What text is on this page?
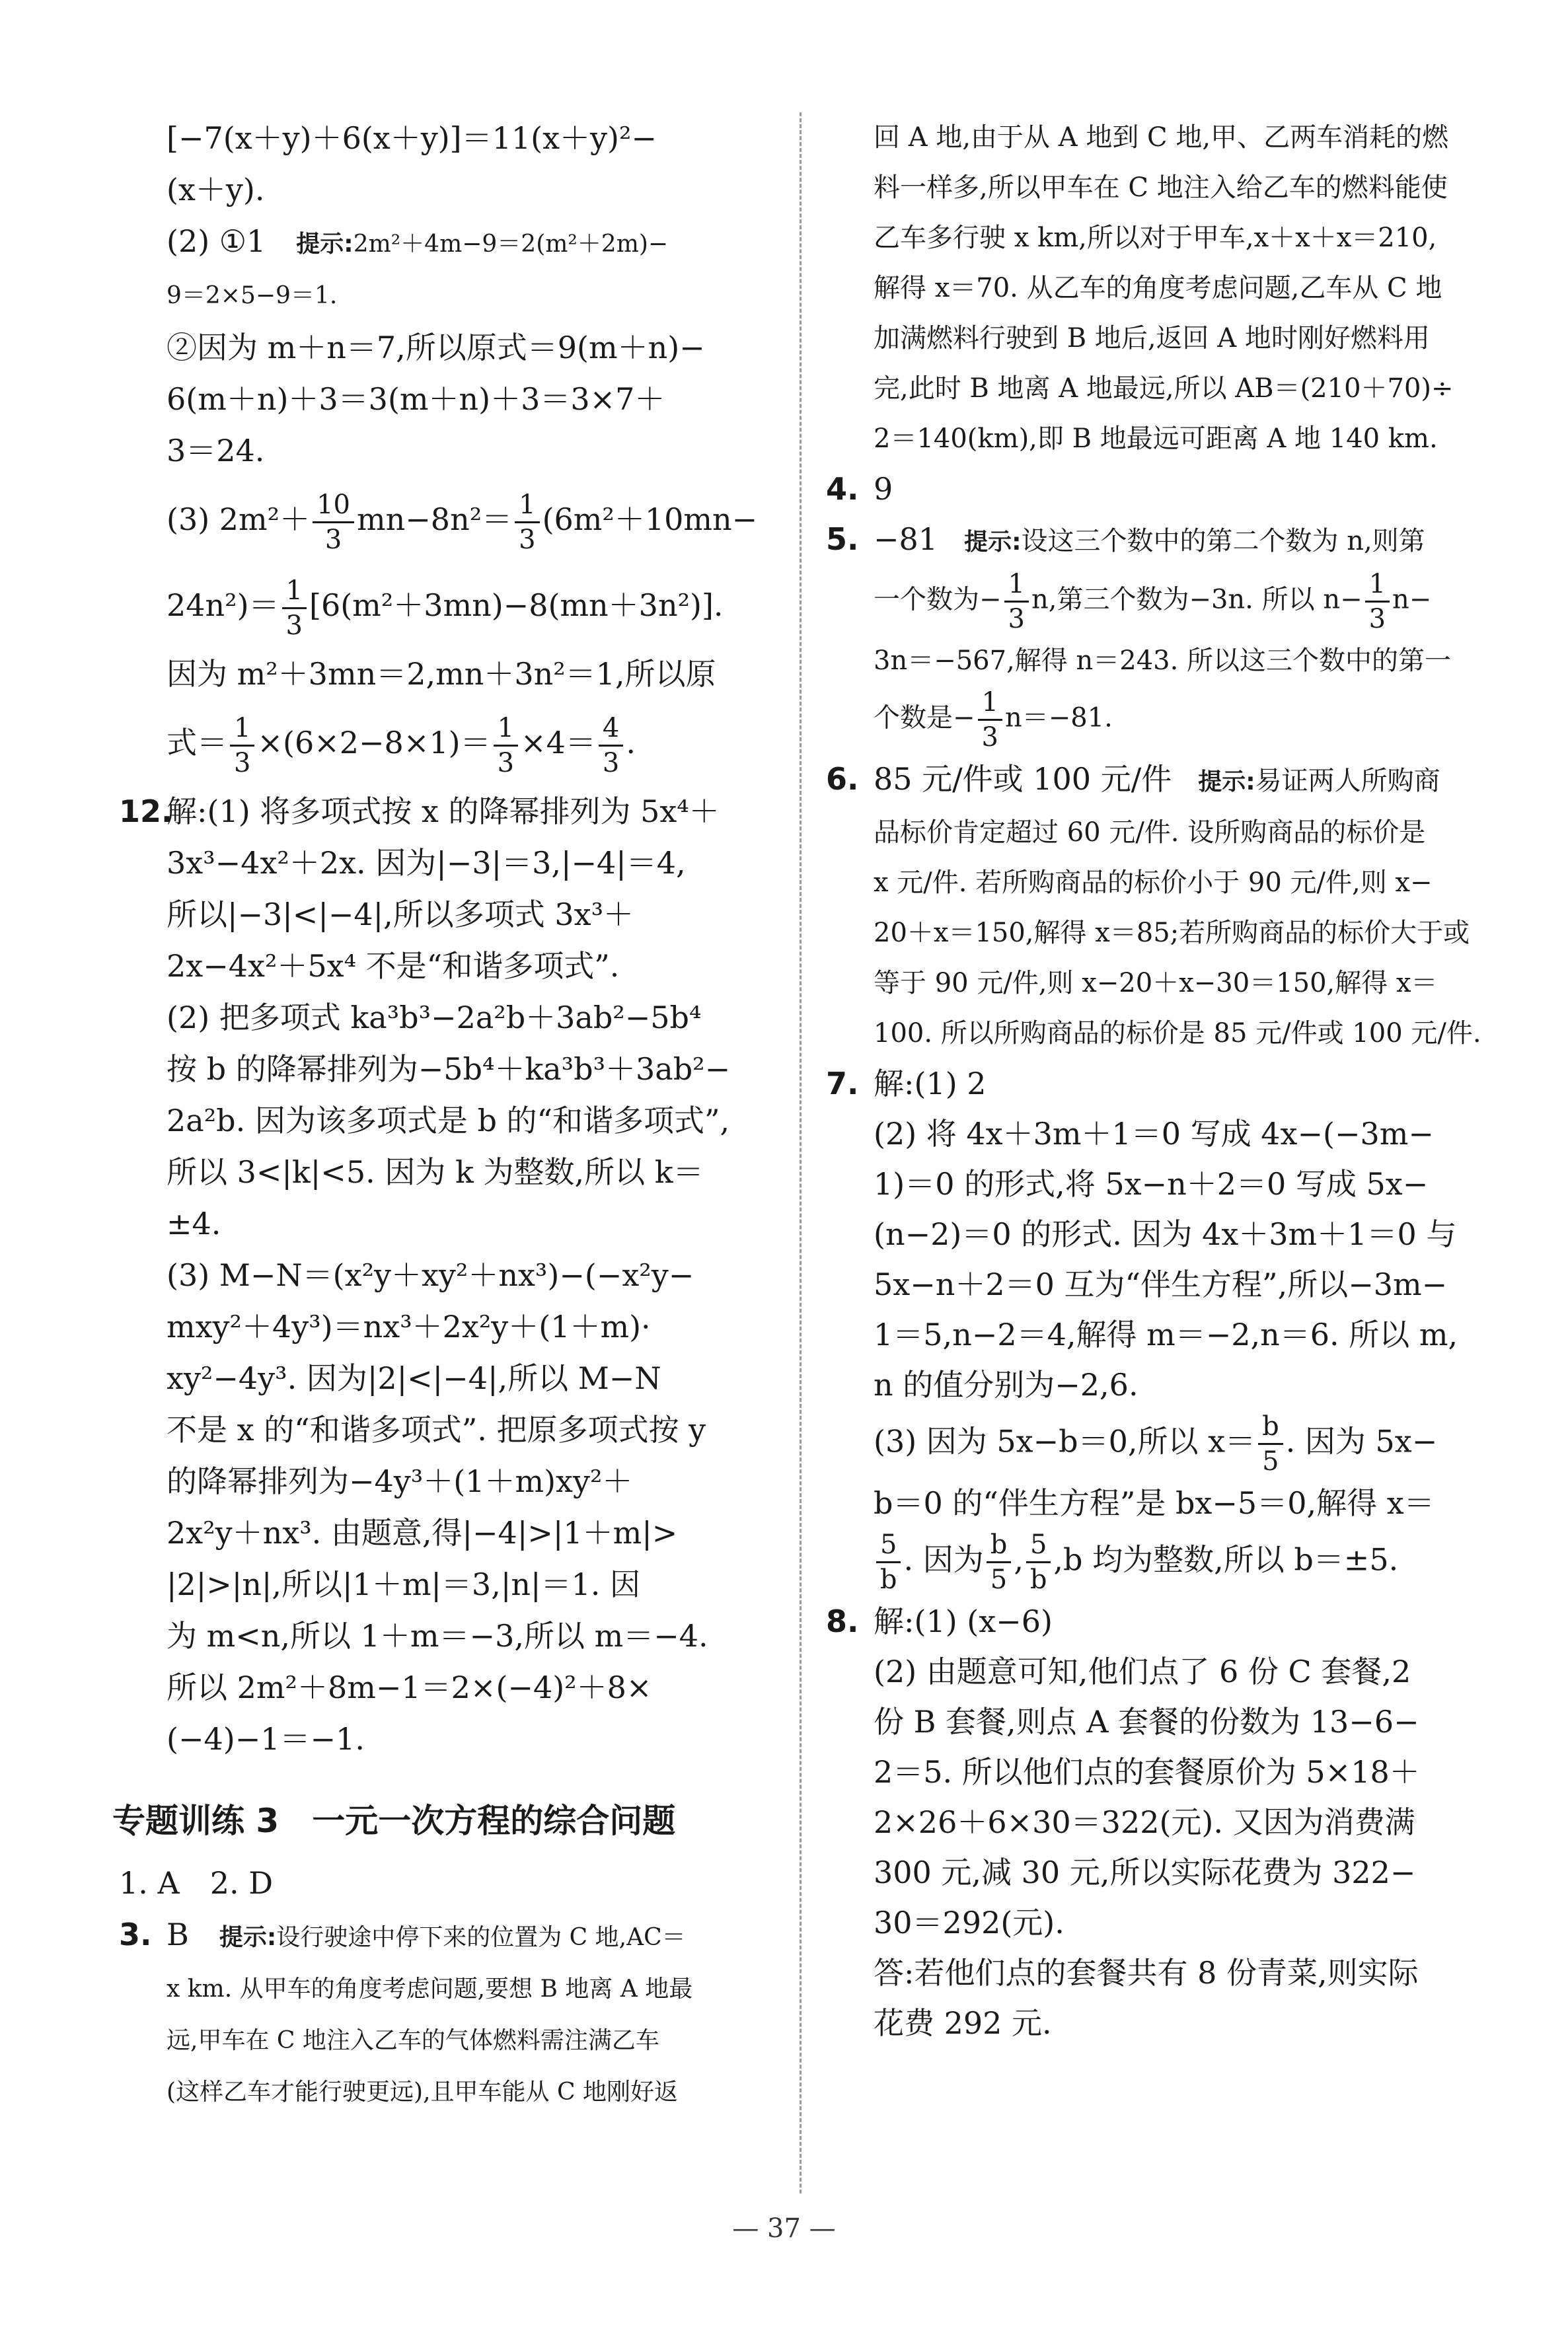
[−7(x＋y)＋6(x＋y)]＝11(x＋y)²−

(x＋y).

(2) ①1　 提示:2m²＋4m−9＝2(m²＋2m)−

9＝2×5−9＝1.

②因为 m＋n＝7,所以原式＝9(m＋n)−

6(m＋n)＋3＝3(m＋n)＋3＝3×7＋

3＝24.

(3) $2m^2+ \frac{10}{3} mn-8n^2= \frac{1}{3} (6m^2+10mn-$

$24n^2)= \frac{1}{3} [6(m^2+3mn)-8(mn+3n^2)]$.

因为 m²＋3mn＝2,mn＋3n²＝1,所以原

式＝ $\frac{1}{3} \times(6\times 2-8\times 1)= \frac{1}{3} \times 4= \frac{4}{3}$ .

12.解:(1) 将多项式按 x 的降幂排列为 5x⁴＋

3x³−4x²＋2x. 因为|−3|＝3,|−4|＝4,

所以|−3|<|−4|,所以多项式 3x³＋

2x−4x²＋5x⁴ 不是“和谐多项式”.

(2) 把多项式 ka³b³−2a²b＋3ab²−5b⁴

按 b 的降幂排列为−5b⁴＋ka³b³＋3ab²−

2a²b. 因为该多项式是 b 的“和谐多项式”,

所以 3<|k|<5. 因为 k 为整数,所以 k＝

±4.

(3) M−N＝(x²y＋xy²＋nx³)−(−x²y−

mxy²＋4y³)＝nx³＋2x²y＋(1＋m)·

xy²−4y³. 因为|2|<|−4|,所以 M−N

不是 x 的“和谐多项式”. 把原多项式按 y

的降幂排列为−4y³＋(1＋m)xy²＋

2x²y＋nx³. 由题意,得|−4|>|1＋m|>

|2|>|n|,所以|1＋m|＝3,|n|＝1. 因

为 m<n,所以 1＋m＝−3,所以 m＝−4.

所以 2m²＋8m−1＝2×(−4)²＋8×

(−4)−1＝−1.

专题训练 3　一元一次方程的综合问题

1. A　2. D

3. B　 提示:设行驶途中停下来的位置为 C 地,AC＝

x km. 从甲车的角度考虑问题,要想 B 地离 A 地最

远,甲车在 C 地注入乙车的气体燃料需注满乙车

(这样乙车才能行驶更远),且甲车能从 C 地刚好返

回 A 地,由于从 A 地到 C 地,甲、乙两车消耗的燃

料一样多,所以甲车在 C 地注入给乙车的燃料能使

乙车多行驶 x km,所以对于甲车,x＋x＋x＝210,

解得 x＝70. 从乙车的角度考虑问题,乙车从 C 地

加满燃料行驶到 B 地后,返回 A 地时刚好燃料用

完,此时 B 地离 A 地最远,所以 AB＝(210＋70)÷

2＝140(km),即 B 地最远可距离 A 地 140 km.

4. 9

5. −81　 提示:设这三个数中的第二个数为 n,则第

一个数为− $\frac{1}{3} n$,第三个数为−3n. 所以 $n- \frac{1}{3} n-$

3n＝−567,解得 n＝243. 所以这三个数中的第一

个数是− $\frac{1}{3} n=-81$.

6. 85 元/件或 100 元/件　 提示:易证两人所购商

品标价肯定超过 60 元/件. 设所购商品的标价是

x 元/件. 若所购商品的标价小于 90 元/件,则 x−

20＋x＝150,解得 x＝85;若所购商品的标价大于或

等于 90 元/件,则 x−20＋x−30＝150,解得 x＝

100. 所以所购商品的标价是 85 元/件或 100 元/件.

7. 解:(1) 2

(2) 将 4x＋3m＋1＝0 写成 4x−(−3m−

1)＝0 的形式,将 5x−n＋2＝0 写成 5x−

(n−2)＝0 的形式. 因为 4x＋3m＋1＝0 与

5x−n＋2＝0 互为“伴生方程”,所以−3m−

1＝5,n−2＝4,解得 m＝−2,n＝6. 所以 m,

n 的值分别为−2,6.

(3) 因为 5x−b＝0,所以 $x= \frac{b}{5}$ . 因为 5x−

b＝0 的“伴生方程”是 bx−5＝0,解得 x＝

$\frac{5}{b}$ . 因为 $\frac{b}{5}$ , $\frac{5}{b} ,b$ 均为整数,所以 b＝±5.

8. 解:(1) (x−6)

(2) 由题意可知,他们点了 6 份 C 套餐,2

份 B 套餐,则点 A 套餐的份数为 13−6−

2＝5. 所以他们点的套餐原价为 5×18＋

2×26＋6×30＝322(元). 又因为消费满

300 元,减 30 元,所以实际花费为 322−

30＝292(元).

答:若他们点的套餐共有 8 份青菜,则实际

花费 292 元.

— 37 —
